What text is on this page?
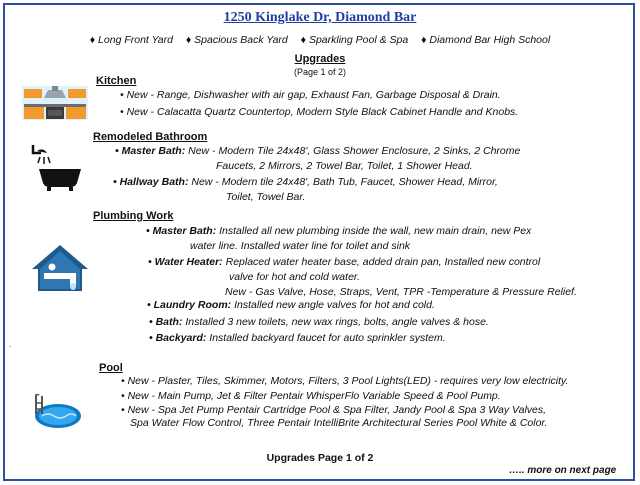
1250 Kinglake Dr, Diamond Bar
♦ Long Front Yard ♦ Spacious Back Yard ♦ Sparkling Pool & Spa ♦ Diamond Bar High School
Upgrades
(Page 1 of 2)
Kitchen
• New - Range, Dishwasher with air gap, Exhaust Fan, Garbage Disposal & Drain.
• New - Calacatta Quartz Countertop, Modern Style Black Cabinet Handle and Knobs.
Remodeled Bathroom
• Master Bath: New - Modern Tile 24x48', Glass Shower Enclosure, 2 Sinks, 2 Chrome
Faucets, 2 Mirrors, 2 Towel Bar, Toilet, 1 Shower Head.
• Hallway Bath: New - Modern tile 24x48', Bath Tub, Faucet, Shower Head, Mirror,
Toilet, Towel Bar.
Plumbing Work
• Master Bath: Installed all new plumbing inside the wall, new main drain, new Pex
water line. Installed water line for toilet and sink
• Water Heater: Replaced water heater base, added drain pan, Installed new control
valve for hot and cold water.
New - Gas Valve, Hose, Straps, Vent, TPR -Temperature & Pressure Relief.
• Laundry Room: Installed new angle valves for hot and cold.
• Bath: Installed 3 new toilets, new wax rings, bolts, angle valves & hose.
• Backyard: Installed backyard faucet for auto sprinkler system.
.
Pool
• New - Plaster, Tiles, Skimmer, Motors, Filters, 3 Pool Lights(LED) - requires very low electricity.
• New - Main Pump, Jet & Filter Pentair WhisperFlo Variable Speed & Pool Pump.
• New - Spa Jet Pump Pentair Cartridge Pool & Spa Filter, Jandy Pool & Spa 3 Way Valves,
Spa Water Flow Control, Three Pentair IntelliBrite Architectural Series Pool White & Color.
Upgrades Page 1 of 2
….. more on next page
